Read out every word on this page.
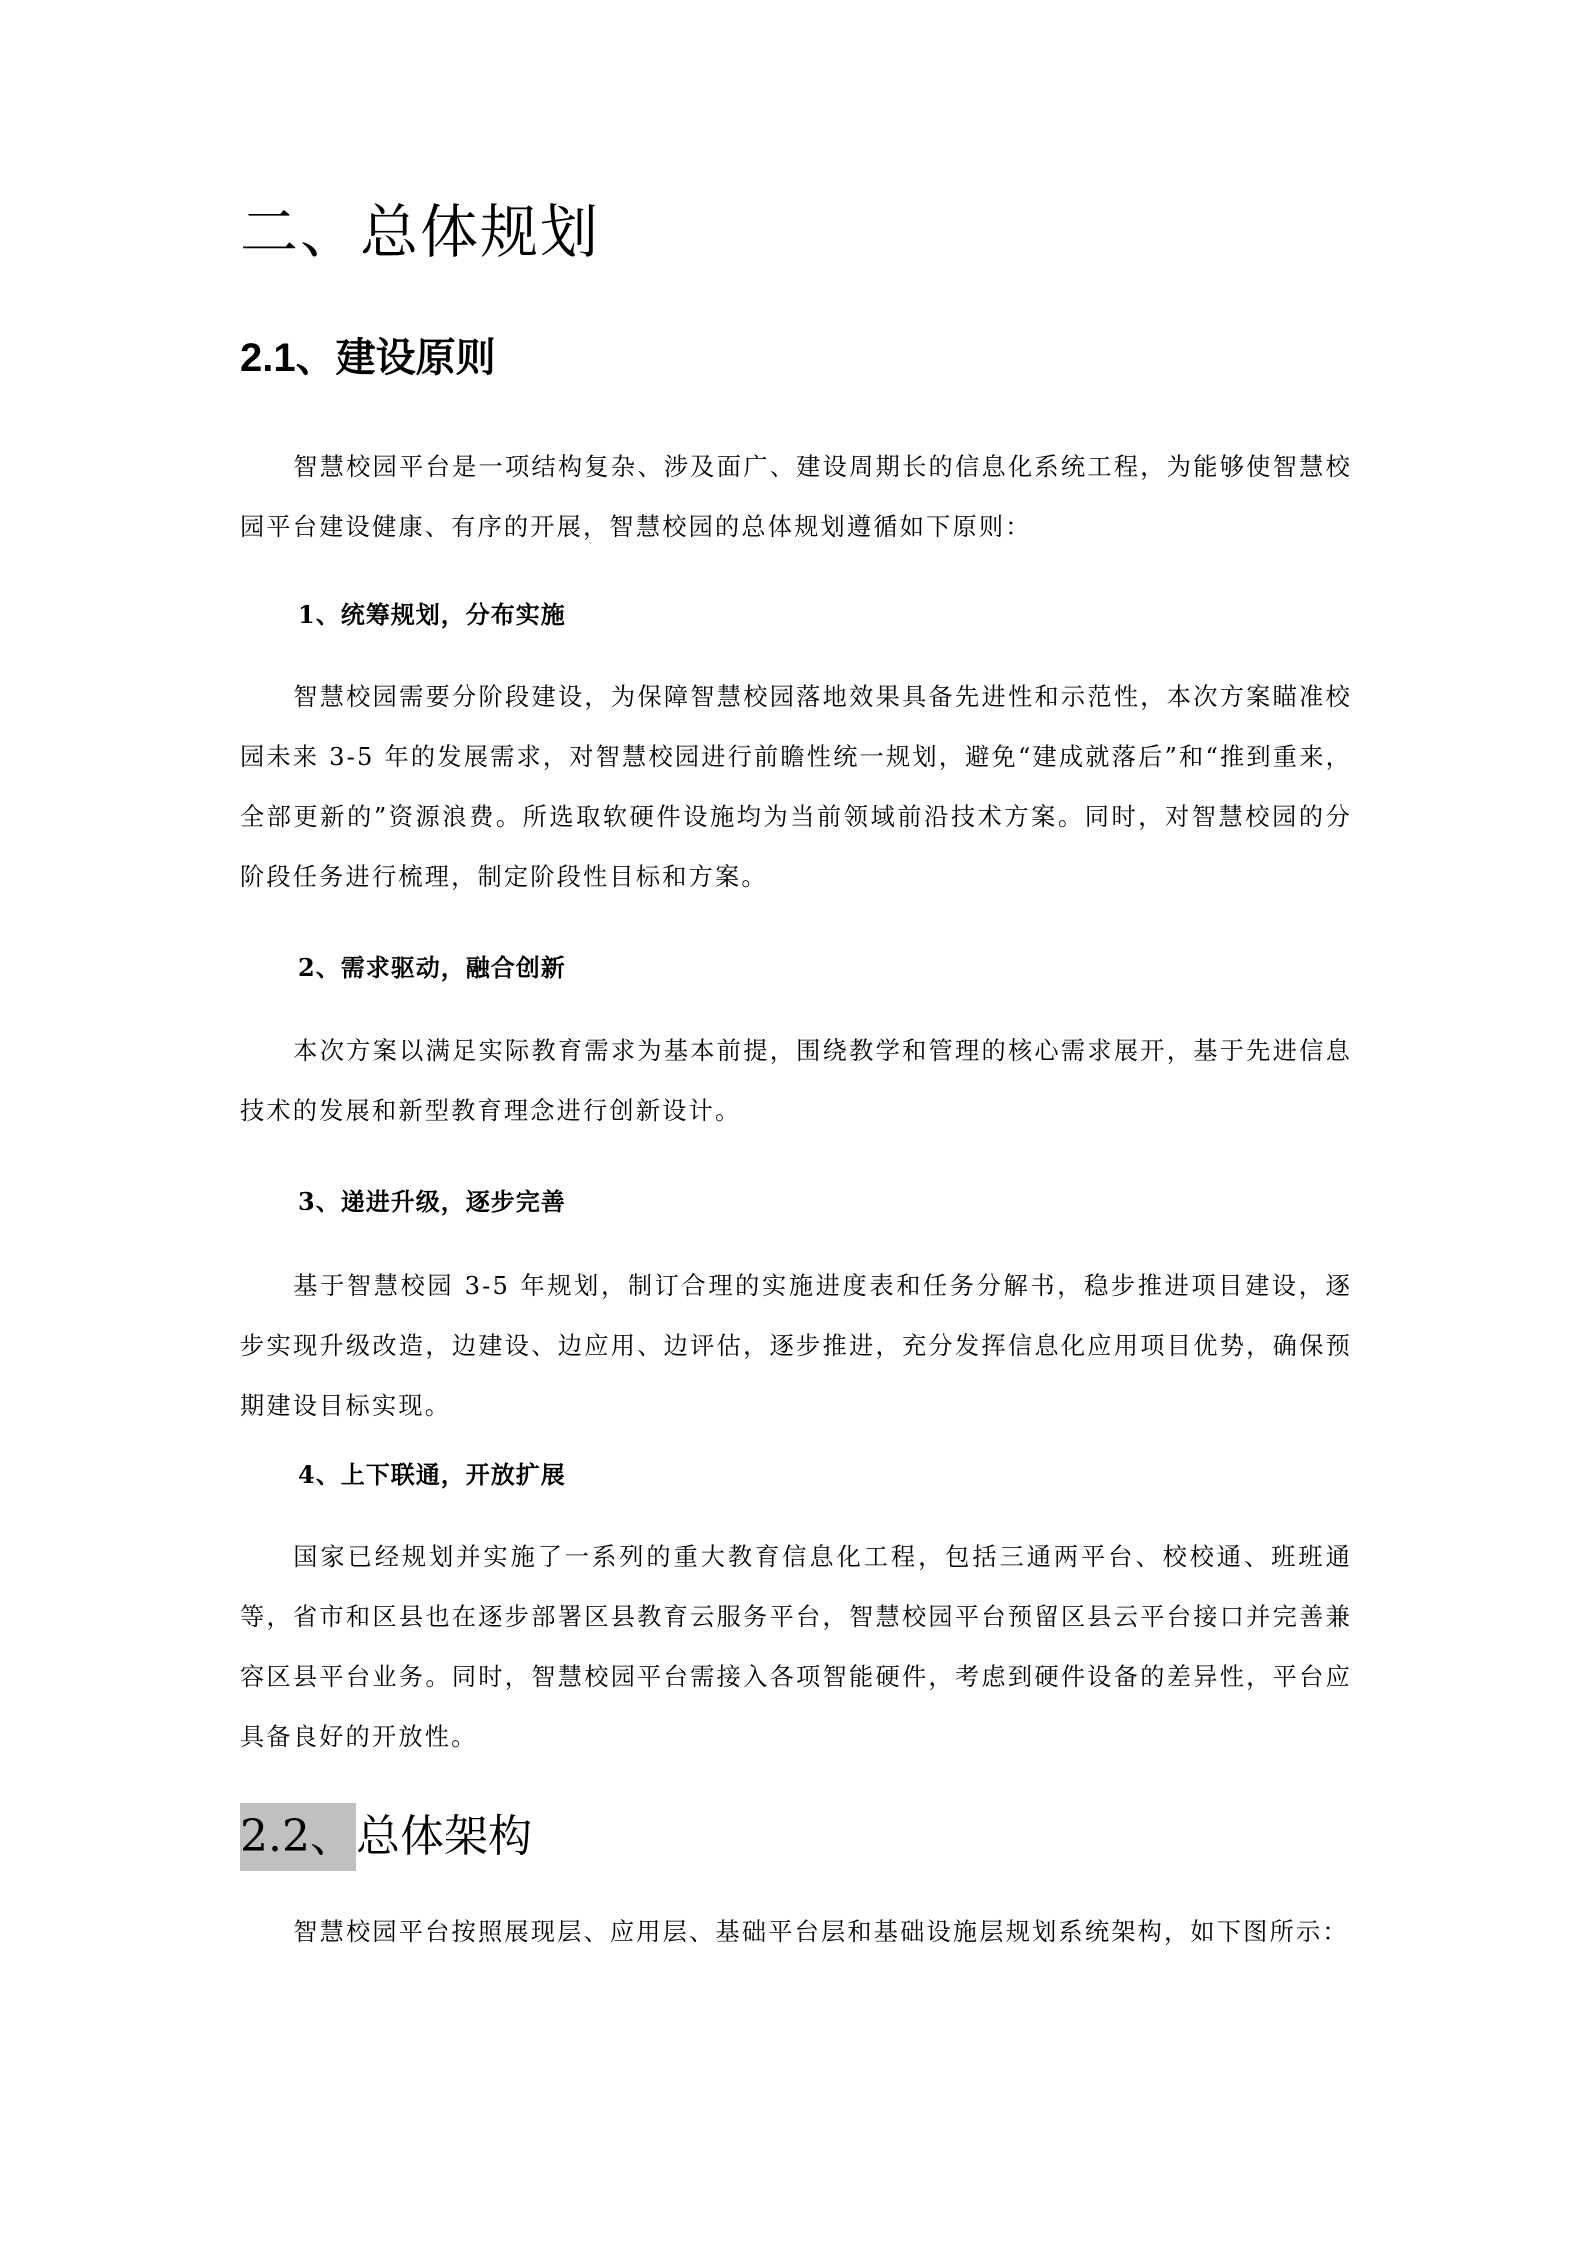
二、总体规划
2.1、建设原则

智慧校园平台是一项结构复杂、涉及面广、建设周期长的信息化系统工程，为能够使智慧校园平台建设健康、有序的开展，智慧校园的总体规划遵循如下原则：

1、统筹规划，分布实施

智慧校园需要分阶段建设，为保障智慧校园落地效果具备先进性和示范性，本次方案瞄准校园未来 3-5 年的发展需求，对智慧校园进行前瞻性统一规划，避免“建成就落后”和“推到重来，全部更新的”资源浪费。所选取软硬件设施均为当前领域前沿技术方案。同时，对智慧校园的分阶段任务进行梳理，制定阶段性目标和方案。

2、需求驱动，融合创新

本次方案以满足实际教育需求为基本前提，围绕教学和管理的核心需求展开，基于先进信息技术的发展和新型教育理念进行创新设计。

3、递进升级，逐步完善

基于智慧校园 3-5 年规划，制订合理的实施进度表和任务分解书，稳步推进项目建设，逐步实现升级改造，边建设、边应用、边评估，逐步推进，充分发挥信息化应用项目优势，确保预期建设目标实现。

4、上下联通，开放扩展

国家已经规划并实施了一系列的重大教育信息化工程，包括三通两平台、校校通、班班通等，省市和区县也在逐步部署区县教育云服务平台，智慧校园平台预留区县云平台接口并完善兼容区县平台业务。同时，智慧校园平台需接入各项智能硬件，考虑到硬件设备的差异性，平台应具备良好的开放性。

2.2、总体架构

智慧校园平台按照展现层、应用层、基础平台层和基础设施层规划系统架构，如下图所示：
